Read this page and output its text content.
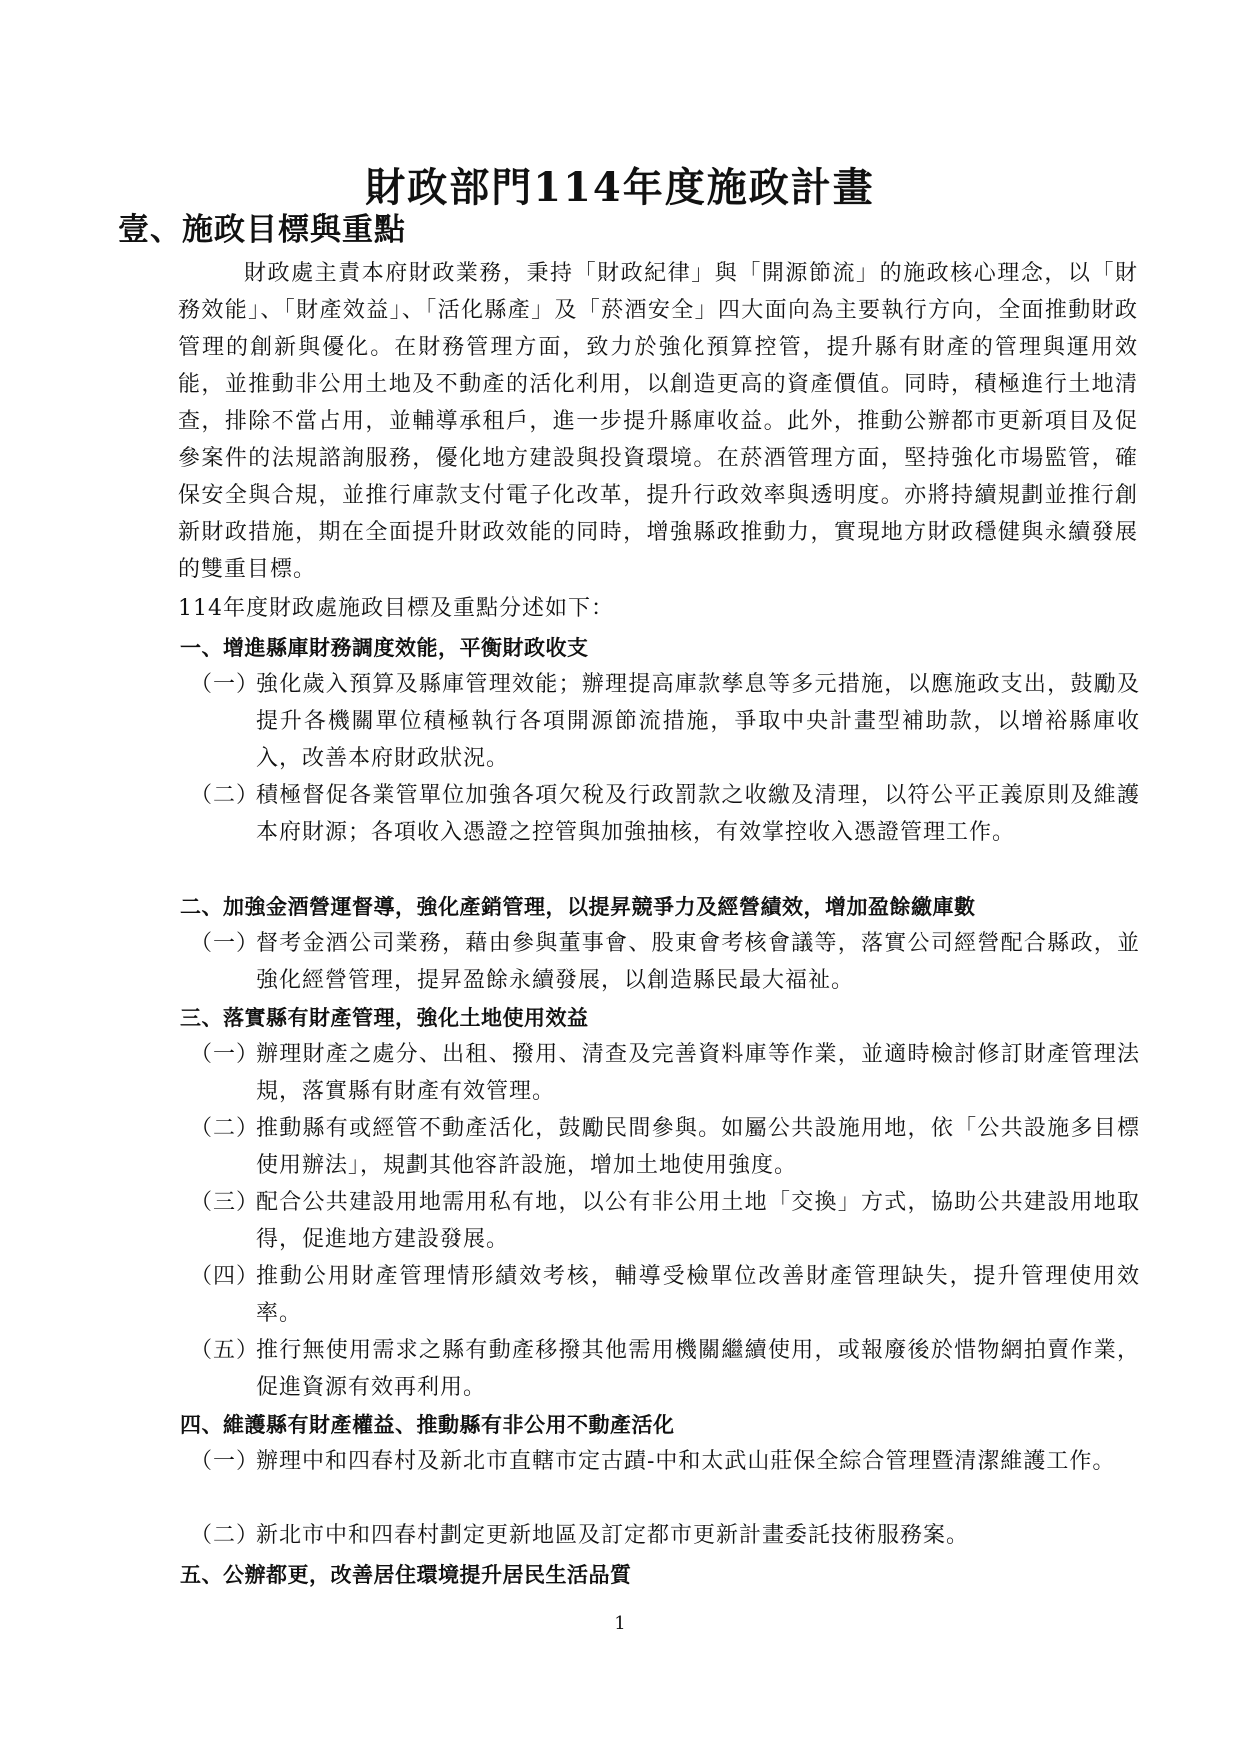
財政部門114年度施政計畫
壹、施政目標與重點
財政處主責本府財政業務，秉持「財政紀律」與「開源節流」的施政核心理念，以「財務效能」、「財產效益」、「活化縣產」及「菸酒安全」四大面向為主要執行方向，全面推動財政管理的創新與優化。在財務管理方面，致力於強化預算控管，提升縣有財產的管理與運用效能，並推動非公用土地及不動產的活化利用，以創造更高的資產價值。同時，積極進行土地清查，排除不當占用，並輔導承租戶，進一步提升縣庫收益。此外，推動公辦都市更新項目及促參案件的法規諮詢服務，優化地方建設與投資環境。在菸酒管理方面，堅持強化市場監管，確保安全與合規，並推行庫款支付電子化改革，提升行政效率與透明度。亦將持續規劃並推行創新財政措施，期在全面提升財政效能的同時，增強縣政推動力，實現地方財政穩健與永續發展的雙重目標。
114年度財政處施政目標及重點分述如下：
一、增進縣庫財務調度效能，平衡財政收支
（一）
強化歲入預算及縣庫管理效能；辦理提高庫款孳息等多元措施，以應施政支出，鼓勵及提升各機關單位積極執行各項開源節流措施，爭取中央計畫型補助款，以增裕縣庫收入，改善本府財政狀況。
（二）
積極督促各業管單位加強各項欠稅及行政罰款之收繳及清理，以符公平正義原則及維護本府財源；各項收入憑證之控管與加強抽核，有效掌控收入憑證管理工作。
二、加強金酒營運督導，強化產銷管理，以提昇競爭力及經營績效，增加盈餘繳庫數
（一）
督考金酒公司業務，藉由參與董事會、股東會考核會議等，落實公司經營配合縣政，並強化經營管理，提昇盈餘永續發展，以創造縣民最大福祉。
三、落實縣有財產管理，強化土地使用效益
（一）
辦理財產之處分、出租、撥用、清查及完善資料庫等作業，並適時檢討修訂財產管理法規，落實縣有財產有效管理。
（二）
推動縣有或經管不動產活化，鼓勵民間參與。如屬公共設施用地，依「公共設施多目標使用辦法」，規劃其他容許設施，增加土地使用強度。
（三）
配合公共建設用地需用私有地，以公有非公用土地「交換」方式，協助公共建設用地取得，促進地方建設發展。
（四）
推動公用財產管理情形績效考核，輔導受檢單位改善財產管理缺失，提升管理使用效率。
（五）
推行無使用需求之縣有動產移撥其他需用機關繼續使用，或報廢後於惜物網拍賣作業，促進資源有效再利用。
四、維護縣有財產權益、推動縣有非公用不動產活化
（一）
辦理中和四春村及新北市直轄市定古蹟-中和太武山莊保全綜合管理暨清潔維護工作。
（二）
新北市中和四春村劃定更新地區及訂定都市更新計畫委託技術服務案。
五、公辦都更，改善居住環境提升居民生活品質
1
